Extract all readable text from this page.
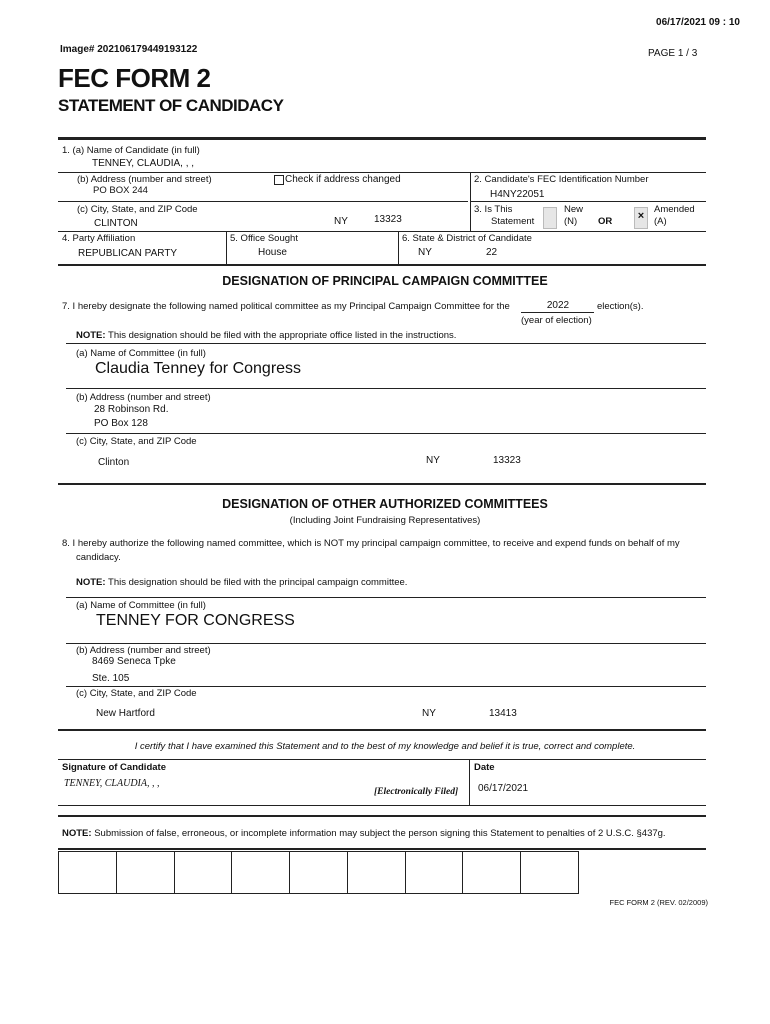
06/17/2021 09 : 10
Image# 202106179449193122	PAGE 1 / 3
FEC FORM 2
STATEMENT OF CANDIDACY
1. (a) Name of Candidate (in full)
TENNEY, CLAUDIA, , ,
(b) Address (number and street)
PO BOX 244
Check if address changed	2. Candidate's FEC Identification Number
H4NY22051
(c) City, State, and ZIP Code
CLINTON	NY	13323
3. Is This
Statement
New
(N) OR	×
Amended
(A)
4. Party Affiliation
REPUBLICAN PARTY
5. Office Sought
House
6. State & District of Candidate
NY	22
DESIGNATION OF PRINCIPAL CAMPAIGN COMMITTEE
7. I hereby designate the following named political committee as my Principal Campaign Committee for the	2022	election(s).
(year of election)
NOTE: This designation should be filed with the appropriate office listed in the instructions.
(a) Name of Committee (in full)
Claudia Tenney for Congress
(b) Address (number and street)
28 Robinson Rd.
PO Box 128
(c) City, State, and ZIP Code
Clinton	NY	13323
DESIGNATION OF OTHER AUTHORIZED COMMITTEES
(Including Joint Fundraising Representatives)
8. I hereby authorize the following named committee, which is NOT my principal campaign committee, to receive and expend funds on behalf of my
candidacy.
NOTE: This designation should be filed with the principal campaign committee.
(a) Name of Committee (in full)
TENNEY FOR CONGRESS
(b) Address (number and street)
8469 Seneca Tpke
Ste. 105
(c) City, State, and ZIP Code
New Hartford	NY	13413
I certify that I have examined this Statement and to the best of my knowledge and belief it is true, correct and complete.
Signature of Candidate
TENNEY, CLAUDIA, , ,
[Electronically Filed]
Date
06/17/2021
NOTE: Submission of false, erroneous, or incomplete information may subject the person signing this Statement to penalties of 2 U.S.C. §437g.
FEC FORM 2 (REV. 02/2009)
